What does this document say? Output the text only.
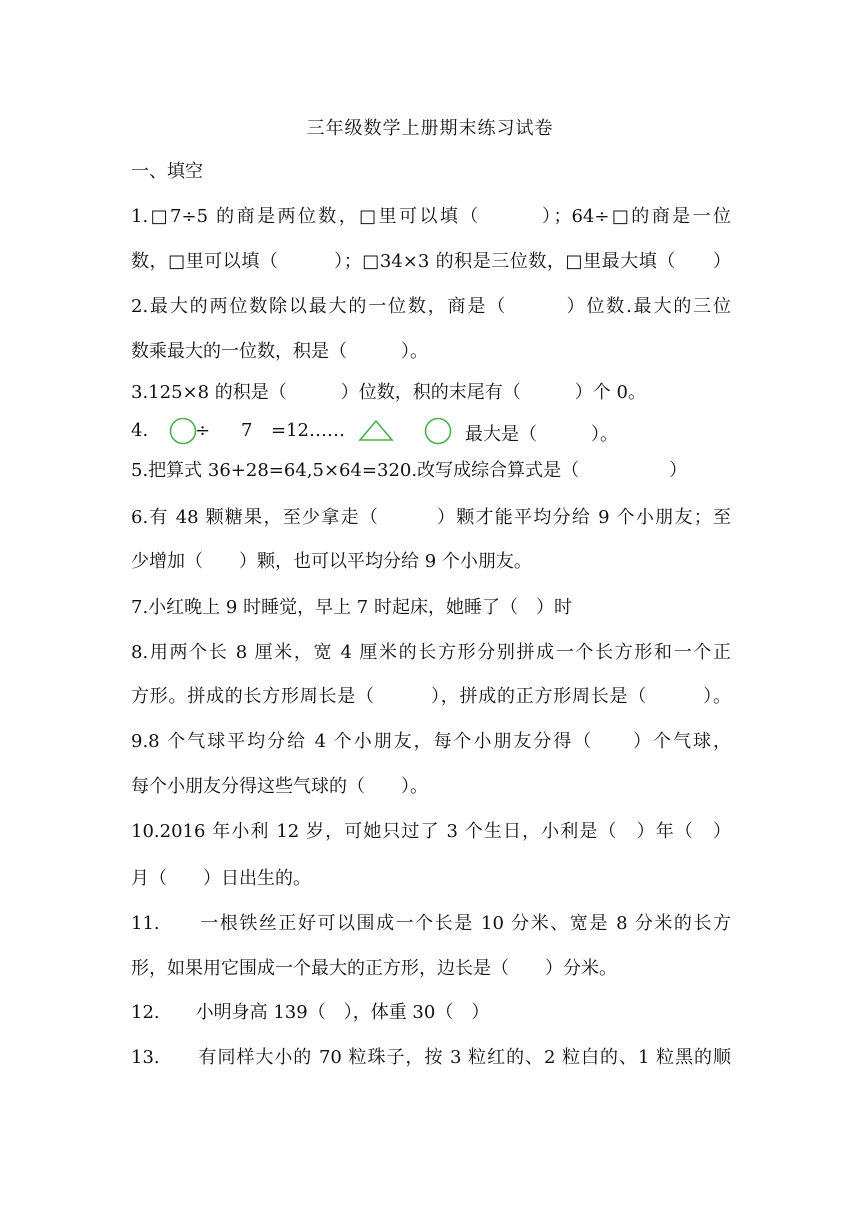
三年级数学上册期末练习试卷
一、填空
1.□7÷5 的商是两位数，□里可以填（　　　）；64÷□的商是一位
数，□里可以填（　　　）；□34×3 的积是三位数，□里最大填（　　）
2.最大的两位数除以最大的一位数，商是（　　　）位数.最大的三位
数乘最大的一位数，积是（　　　）。
3.125×8 的积是（　　　）位数，积的末尾有（　　　）个 0。
4.	÷ 7 =12……	最大是（　　　）。
5.把算式 36+28=64,5×64=320.改写成综合算式是（　　　　　）
6.有 48 颗糖果，至少拿走（　　　）颗才能平均分给 9 个小朋友；至
少增加（　　）颗，也可以平均分给 9 个小朋友。
7.小红晚上 9 时睡觉，早上 7 时起床，她睡了（　）时
8.用两个长 8 厘米，宽 4 厘米的长方形分别拼成一个长方形和一个正
方形。拼成的长方形周长是（　　　），拼成的正方形周长是（　　　）。
9.8 个气球平均分给 4 个小朋友，每个小朋友分得（　　）个气球，
每个小朋友分得这些气球的（　　）。
10.2016 年小利 12 岁，可她只过了 3 个生日，小利是（　）年（　）
月（　　）日出生的。
11.　　一根铁丝正好可以围成一个长是 10 分米、宽是 8 分米的长方
形，如果用它围成一个最大的正方形，边长是（　　）分米。
12.　　小明身高 139（　），体重 30（　）
13.　　有同样大小的 70 粒珠子，按 3 粒红的、2 粒白的、1 粒黑的顺
